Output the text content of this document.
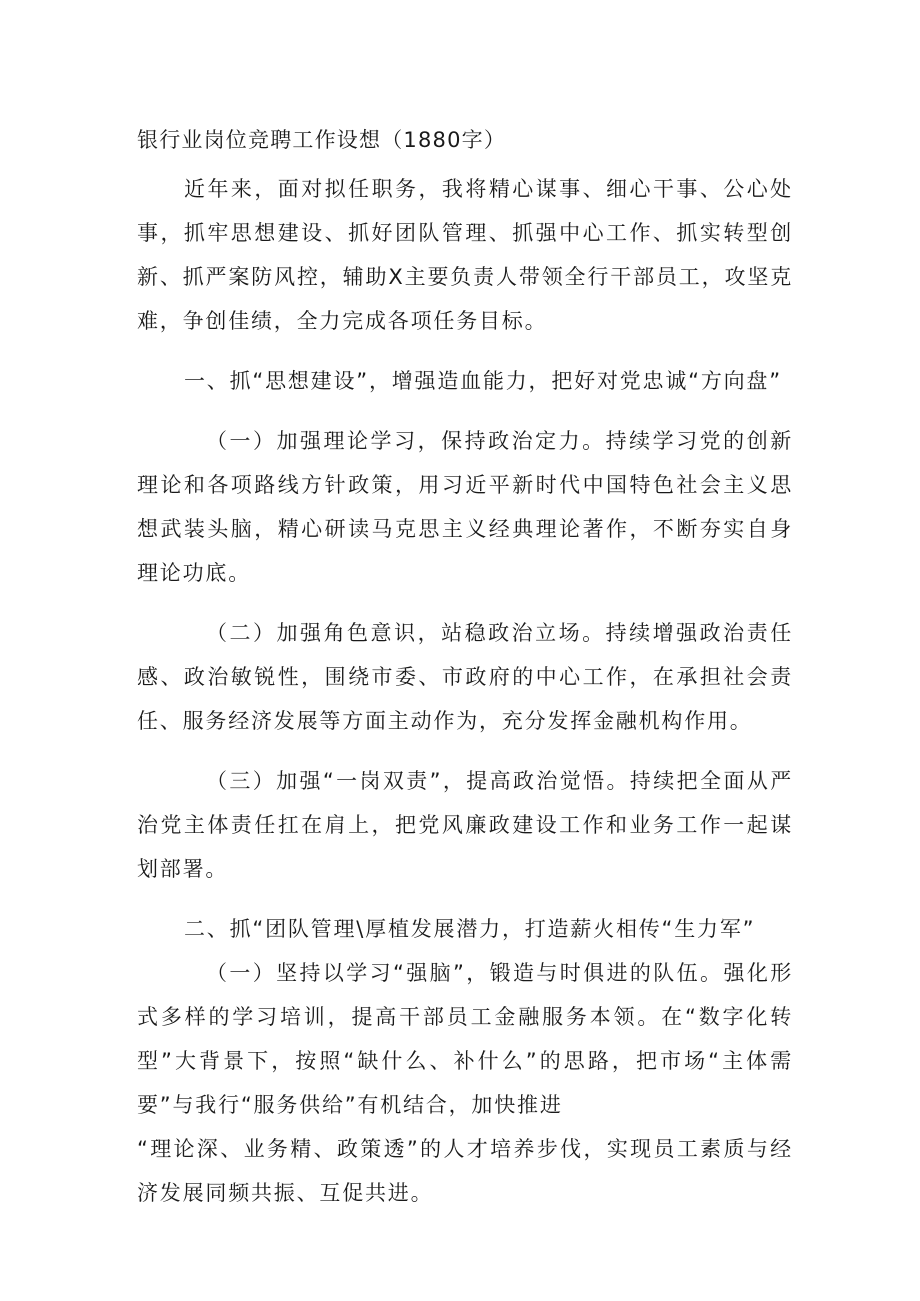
银行业岗位竞聘工作设想（1880字）

近年来，面对拟任职务，我将精心谋事、细心干事、公心处事，抓牢思想建设、抓好团队管理、抓强中心工作、抓实转型创新、抓严案防风控，辅助X主要负责人带领全行干部员工，攻坚克难，争创佳绩，全力完成各项任务目标。

一、抓“思想建设”，增强造血能力，把好对党忠诚“方向盘”

（一）加强理论学习，保持政治定力。持续学习党的创新理论和各项路线方针政策，用习近平新时代中国特色社会主义思想武装头脑，精心研读马克思主义经典理论著作，不断夯实自身理论功底。

（二）加强角色意识，站稳政治立场。持续增强政治责任感、政治敏锐性，围绕市委、市政府的中心工作，在承担社会责任、服务经济发展等方面主动作为，充分发挥金融机构作用。

（三）加强“一岗双责”，提高政治觉悟。持续把全面从严治党主体责任扛在肩上，把党风廉政建设工作和业务工作一起谋划部署。

二、抓“团队管理\厚植发展潜力，打造薪火相传“生力军”

（一）坚持以学习“强脑”，锻造与时俱进的队伍。强化形式多样的学习培训，提高干部员工金融服务本领。在“数字化转型”大背景下，按照“缺什么、补什么”的思路，把市场“主体需要”与我行“服务供给”有机结合，加快推进

“理论深、业务精、政策透”的人才培养步伐，实现员工素质与经济发展同频共振、互促共进。
